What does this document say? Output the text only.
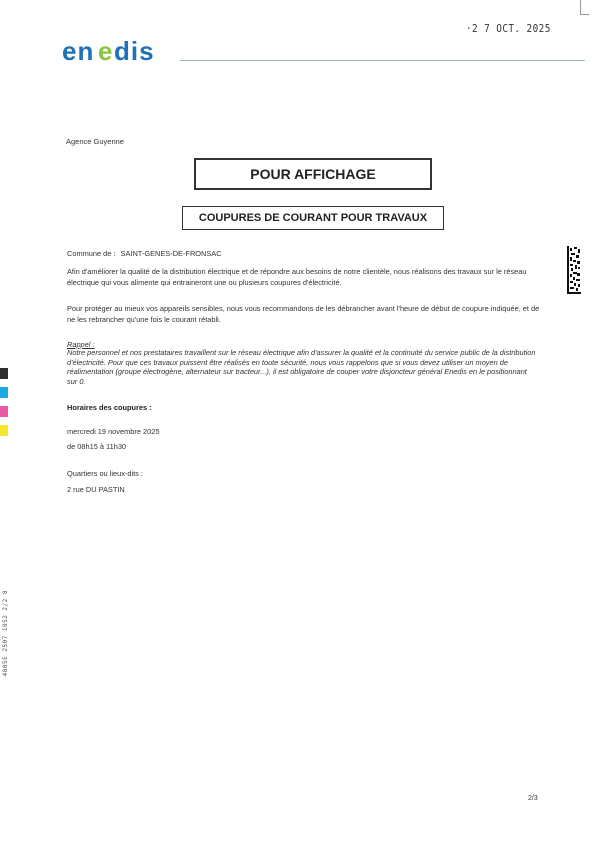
·2 7 OCT. 2025
en e dis
Agence Guyenne
POUR AFFICHAGE
COUPURES DE COURANT POUR TRAVAUX
Commune de : SAINT-GENES-DE-FRONSAC
Afin d'améliorer la qualité de la distribution électrique et de répondre aux besoins de notre clientèle, nous réalisons des travaux sur le réseau électrique qui vous alimente qui entraineront une ou plusieurs coupures d'électricité.
Pour protéger au mieux vos appareils sensibles, nous vous recommandons de les débrancher avant l'heure de début de coupure indiquée, et de ne les rebrancher qu'une fois le courant rétabli.
Rappel :
Notre personnel et nos prestataires travaillent sur le réseau électrique afin d'assurer la qualité et la continuité du service public de la distribution d'électricité. Pour que ces travaux puissent être réalisés en toute sécurité, nous vous rappelons que si vous devez utiliser un moyen de réalimentation (groupe électrogène, alternateur sur tracteur...), il est obligatoire de couper votre disjoncteur général Enedis en le positionnant sur 0.
Horaires des coupures :
mercredi 19 novembre 2025
de 08h15 à 11h30
Quartiers ou lieux-dits :
2 rue DU PASTIN
2/3
4805E 2507 1052 2/2 8
